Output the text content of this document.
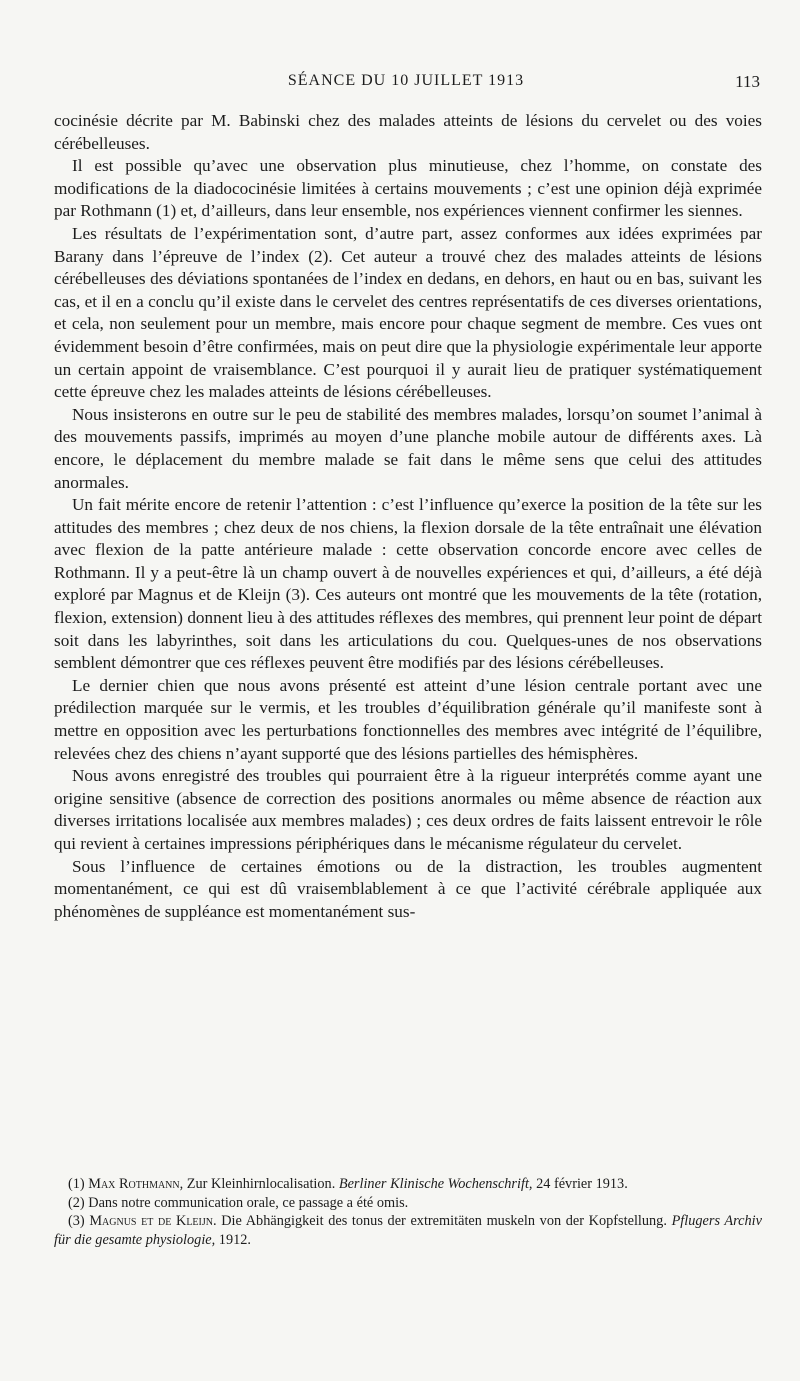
SÉANCE DU 10 JUILLET 1913	113

cocinésie décrite par M. Babinski chez des malades atteints de lésions du cervelet ou des voies cérébelleuses.

Il est possible qu’avec une observation plus minutieuse, chez l’homme, on constate des modifications de la diadococinésie limitées à certains mouvements ; c’est une opinion déjà exprimée par Rothmann (1) et, d’ailleurs, dans leur ensemble, nos expériences viennent confirmer les siennes.

Les résultats de l’expérimentation sont, d’autre part, assez conformes aux idées exprimées par Barany dans l’épreuve de l’index (2). Cet auteur a trouvé chez des malades atteints de lésions cérébelleuses des déviations spontanées de l’index en dedans, en dehors, en haut ou en bas, suivant les cas, et il en a conclu qu’il existe dans le cervelet des centres représentatifs de ces diverses orientations, et cela, non seulement pour un membre, mais encore pour chaque segment de membre. Ces vues ont évidemment besoin d’être confirmées, mais on peut dire que la physiologie expérimentale leur apporte un certain appoint de vraisemblance. C’est pourquoi il y aurait lieu de pratiquer systématiquement cette épreuve chez les malades atteints de lésions cérébelleuses.

Nous insisterons en outre sur le peu de stabilité des membres malades, lorsqu’on soumet l’animal à des mouvements passifs, imprimés au moyen d’une planche mobile autour de différents axes. Là encore, le déplacement du membre malade se fait dans le même sens que celui des attitudes anormales.

Un fait mérite encore de retenir l’attention : c’est l’influence qu’exerce la position de la tête sur les attitudes des membres ; chez deux de nos chiens, la flexion dorsale de la tête entraînait une élévation avec flexion de la patte antérieure malade : cette observation concorde encore avec celles de Rothmann. Il y a peut-être là un champ ouvert à de nouvelles expériences et qui, d’ailleurs, a été déjà exploré par Magnus et de Kleijn (3). Ces auteurs ont montré que les mouvements de la tête (rotation, flexion, extension) donnent lieu à des attitudes réflexes des membres, qui prennent leur point de départ soit dans les labyrinthes, soit dans les articulations du cou. Quelques-unes de nos observations semblent démontrer que ces réflexes peuvent être modifiés par des lésions cérébelleuses.

Le dernier chien que nous avons présenté est atteint d’une lésion centrale portant avec une prédilection marquée sur le vermis, et les troubles d’équilibration générale qu’il manifeste sont à mettre en opposition avec les perturbations fonctionnelles des membres avec intégrité de l’équilibre, relevées chez des chiens n’ayant supporté que des lésions partielles des hémisphères.

Nous avons enregistré des troubles qui pourraient être à la rigueur interprétés comme ayant une origine sensitive (absence de correction des positions anormales ou même absence de réaction aux diverses irritations localisée aux membres malades) ; ces deux ordres de faits laissent entrevoir le rôle qui revient à certaines impressions périphériques dans le mécanisme régulateur du cervelet.

Sous l’influence de certaines émotions ou de la distraction, les troubles augmentent momentanément, ce qui est dû vraisemblablement à ce que l’activité cérébrale appliquée aux phénomènes de suppléance est momentanément sus-

(1) Max Rothmann, Zur Kleinhirnlocalisation. Berliner Klinische Wochenschrift, 24 février 1913.

(2) Dans notre communication orale, ce passage a été omis.

(3) Magnus et de Kleijn. Die Abhängigkeit des tonus der extremitäten muskeln von der Kopfstellung. Pflugers Archiv für die gesamte physiologie, 1912.
